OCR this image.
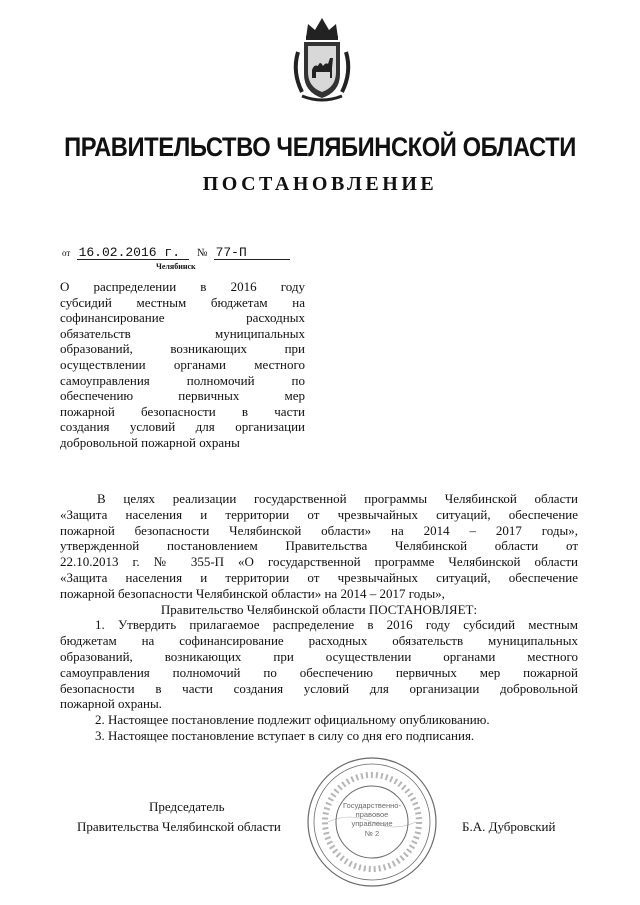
ПРАВИТЕЛЬСТВО ЧЕЛЯБИНСКОЙ ОБЛАСТИ
ПОСТАНОВЛЕНИЕ
от 16.02.2016 г. № 77-П
Челябинск
О распределении в 2016 году
субсидий местным бюджетам на
софинансирование расходных
обязательств муниципальных
образований, возникающих при
осуществлении органами местного
самоуправления полномочий по
обеспечению первичных мер
пожарной безопасности в части
создания условий для организации
добровольной пожарной охраны
В целях реализации государственной программы Челябинской области
«Защита населения и территории от чрезвычайных ситуаций, обеспечение
пожарной безопасности Челябинской области» на 2014 – 2017 годы»,
утвержденной постановлением Правительства Челябинской области от
22.10.2013 г. № 355-П «О государственной программе Челябинской области
«Защита населения и территории от чрезвычайных ситуаций, обеспечение
пожарной безопасности Челябинской области» на 2014 – 2017 годы»,
Правительство Челябинской области ПОСТАНОВЛЯЕТ:
1. Утвердить прилагаемое распределение в 2016 году субсидий местным
бюджетам на софинансирование расходных обязательств муниципальных
образований, возникающих при осуществлении органами местного
самоуправления полномочий по обеспечению первичных мер пожарной
безопасности в части создания условий для организации добровольной
пожарной охраны.
2. Настоящее постановление подлежит официальному опубликованию.
3. Настоящее постановление вступает в силу со дня его подписания.
Председатель
Правительства Челябинской области	Б.А. Дубровский
Государственно-
правовое
управление
№ 2
